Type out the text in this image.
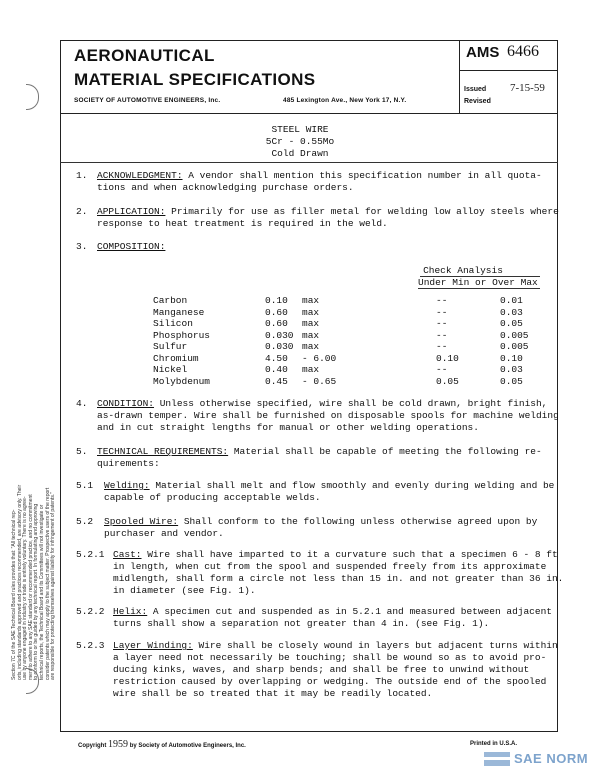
AERONAUTICAL
MATERIAL SPECIFICATIONS
SOCIETY OF AUTOMOTIVE ENGINEERS, Inc.	485 Lexington Ave., New York 17, N.Y.
AMS 6466
Issued 7-15-59
Revised
STEEL WIRE
5Cr - 0.55Mo
Cold Drawn
1. ACKNOWLEDGMENT: A vendor shall mention this specification number in all quota-
tions and when acknowledging purchase orders.
2. APPLICATION: Primarily for use as filler metal for welding low alloy steels where
response to heat treatment is required in the weld.
3. COMPOSITION:
Check Analysis
Under Min or Over Max
Carbon	0.10 max	--	0.01
Manganese	0.60 max	--	0.03
Silicon	0.60 max	--	0.05
Phosphorus	0.030 max	--	0.005
Sulfur	0.030 max	--	0.005
Chromium	4.50 - 6.00	0.10	0.10
Nickel	0.40 max	--	0.03
Molybdenum	0.45 - 0.65	0.05	0.05
4. CONDITION: Unless otherwise specified, wire shall be cold drawn, bright finish,
as-drawn temper. Wire shall be furnished on disposable spools for machine welding
and in cut straight lengths for manual or other welding operations.
5. TECHNICAL REQUIREMENTS: Material shall be capable of meeting the following re-
quirements:
5.1 Welding: Material shall melt and flow smoothly and evenly during welding and be
capable of producing acceptable welds.
5.2 Spooled Wire: Shall conform to the following unless otherwise agreed upon by
purchaser and vendor.
5.2.1 Cast: Wire shall have imparted to it a curvature such that a specimen 6 - 8 ft
in length, when cut from the spool and suspended freely from its approximate
midlength, shall form a circle not less than 15 in. and not greater than 36 in.
in diameter (see Fig. 1).
5.2.2 Helix: A specimen cut and suspended as in 5.2.1 and measured between adjacent
turns shall show a separation not greater than 4 in. (see Fig. 1).
5.2.3 Layer Winding: Wire shall be closely wound in layers but adjacent turns within
a layer need not necessarily be touching; shall be wound so as to avoid pro-
ducing kinks, waves, and sharp bends; and shall be free to unwind without
restriction caused by overlapping or wedging. The outside end of the spooled
wire shall be so treated that it may be readily located.
Section 7C of the SAE Technical Board rules provides that: "All technical rep- orts, including standards approved and practices recommended, are advisory only. Their use by anyone engaged in industry or trade is entirely voluntary. There is no agree- ment to adhere to any SAE standard or recommended practice, and no commitment to conform to or be guided by any technical report. In formulating and approving technical reports, the Technical Board and its Committees will not investigate or consider patents which may apply to the subject matter. Prospective users of the report are responsible for protecting themselves against liability for infringement of patents."
Copyright 1959 by Society of Automotive Engineers, Inc.	Printed in U.S.A.
SAE NORM
